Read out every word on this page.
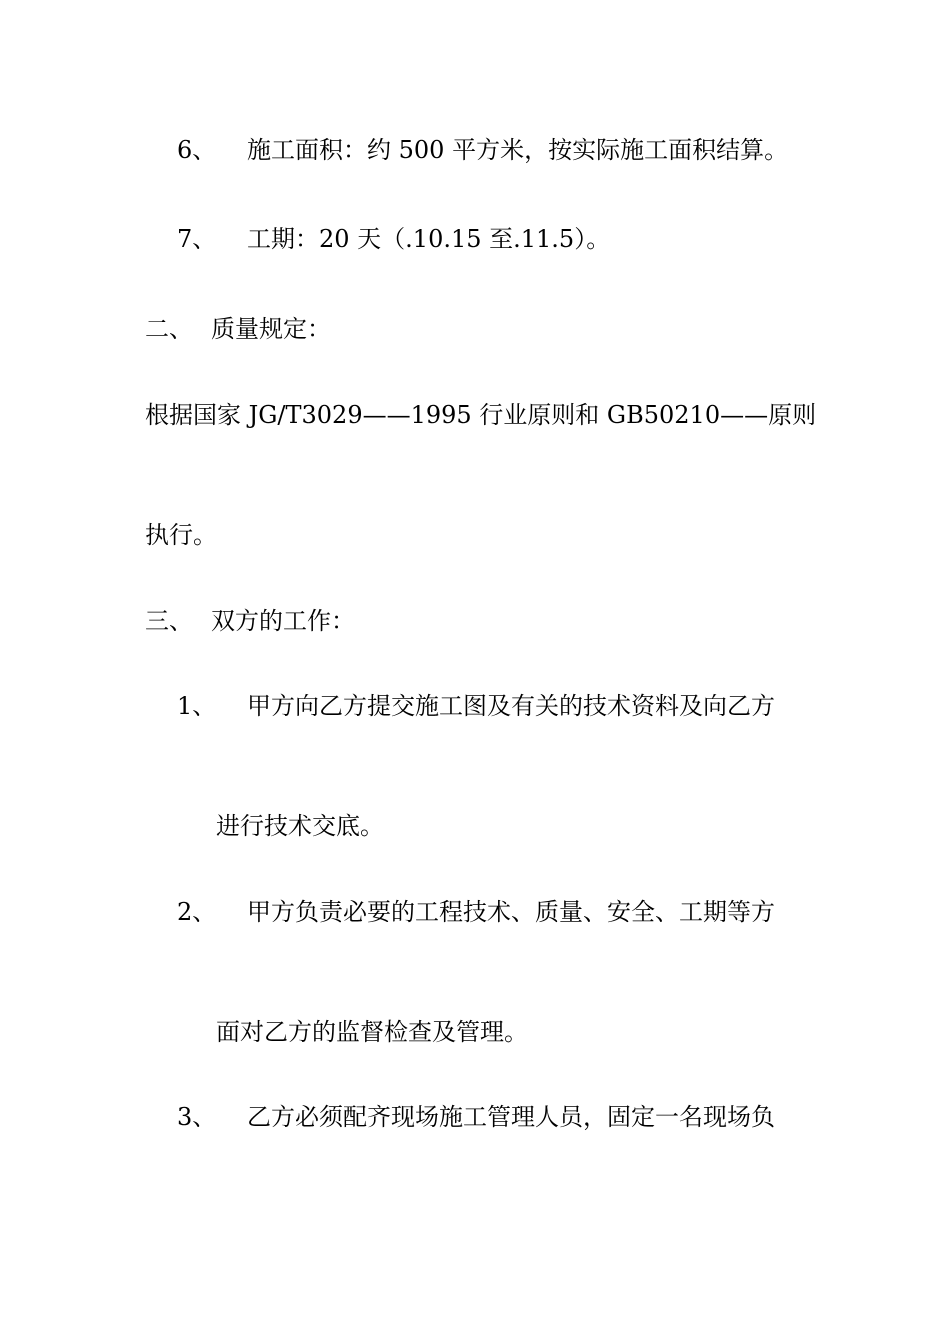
6、	施工面积：约 500 平方米，按实际施工面积结算。
7、	工期：20 天（.10.15 至.11.5）。
二、 质量规定：
根据国家 JG/T3029——1995 行业原则和 GB50210——原则
执行。
三、 双方的工作：
1、	甲方向乙方提交施工图及有关的技术资料及向乙方
进行技术交底。
2、	甲方负责必要的工程技术、质量、安全、工期等方
面对乙方的监督检查及管理。
3、	乙方必须配齐现场施工管理人员，固定一名现场负
